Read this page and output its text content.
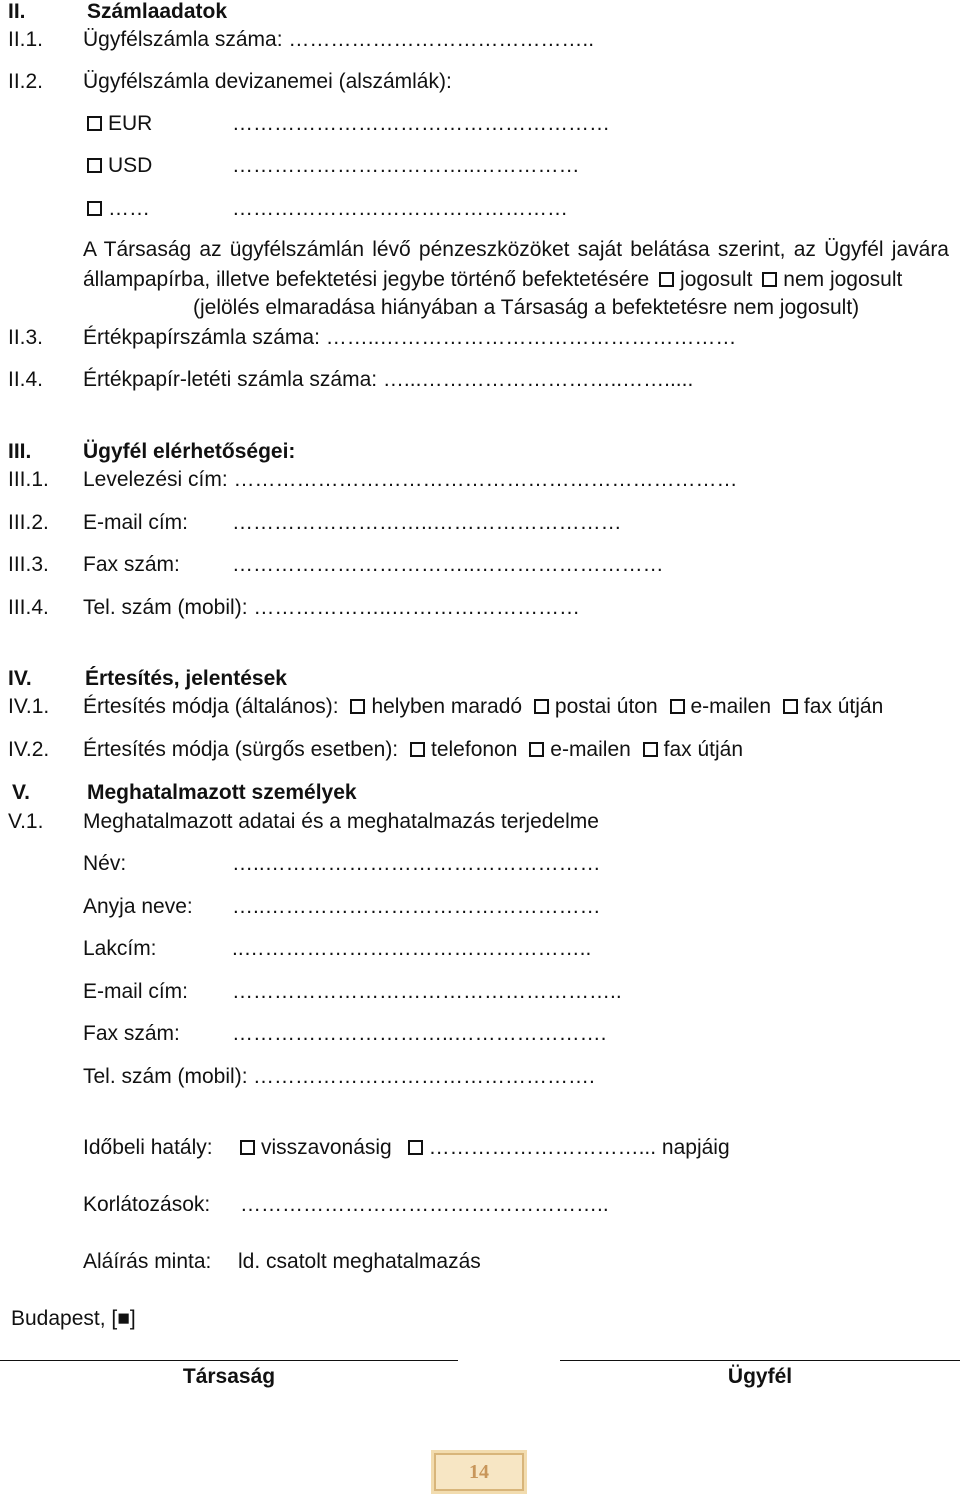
II.	Számlaadatok
II.1. Ügyfélszámla száma: ……………………………………..
II.2. Ügyfélszámla devizanemei (alszámlák):
EUR	………………………………………………
USD	……………………………..……………
……	…………………………………………
A Társaság az ügyfélszámlán lévő pénzeszközöket saját belátása szerint, az Ügyfél javára
állampapírba, illetve befektetési jegybe történő befektetésére jogosult nem jogosult
(jelölés elmaradása hiányában a Társaság a befektetésre nem jogosult)
II.3. Értékpapírszámla száma: ……..……………………………………………
II.4. Értékpapír-letéti számla száma: …...………………………..…….....
III. Ügyfél elérhetőségei:
III.1. Levelezési cím: ………………………………………………………………
III.2. E-mail cím: ………………………..………………………
III.3. Fax szám: ……………………………..………………………
III.4. Tel. szám (mobil): ………………..………………………
IV.	Értesítés, jelentések
IV.1. Értesítés módja (általános): helyben maradó postai úton e-mailen fax útján
IV.2. Értesítés módja (sürgős esetben): telefonon e-mailen fax útján
V.	Meghatalmazott személyek
V.1. Meghatalmazott adatai és a meghatalmazás terjedelme
Név:	…..…………………………………………
Anyja neve: …..…………………………………………
Lakcím:	..…………………………………………..
E-mail cím: ………………………………………………..
Fax szám: …………………………..………………….
Tel. szám (mobil): ………………………………………….
Időbeli hatály:	visszavonásig …………………………... napjáig
Korlátozások: ……………………………………………..
Aláírás minta: ld. csatolt meghatalmazás
Budapest, [■]
Társaság	Ügyfél
14
